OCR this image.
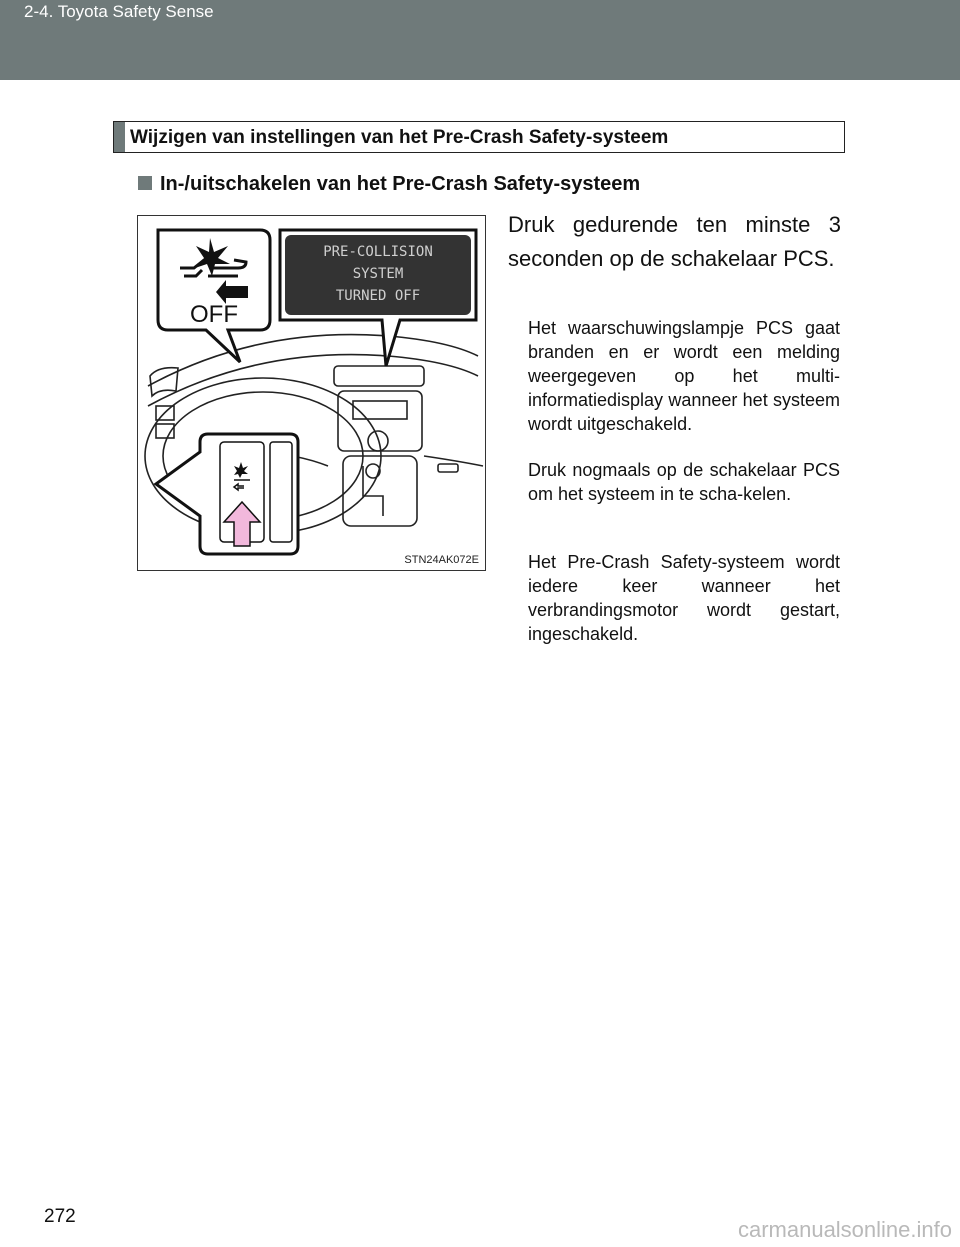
2-4. Toyota Safety Sense
Wijzigen van instellingen van het Pre-Crash Safety-systeem
In-/uitschakelen van het Pre-Crash Safety-systeem
OFF
PRE-COLLISION
SYSTEM
TURNED OFF
STN24AK072E
Druk gedurende ten minste 3 seconden op de schakelaar PCS.
Het waarschuwingslampje PCS gaat branden en er wordt een melding weergegeven op het multi-informatiedisplay wanneer het systeem wordt uitgeschakeld.
Druk nogmaals op de schakelaar PCS om het systeem in te scha-kelen.
Het Pre-Crash Safety-systeem wordt iedere keer wanneer het verbrandingsmotor wordt gestart, ingeschakeld.
272
carmanualsonline.info
